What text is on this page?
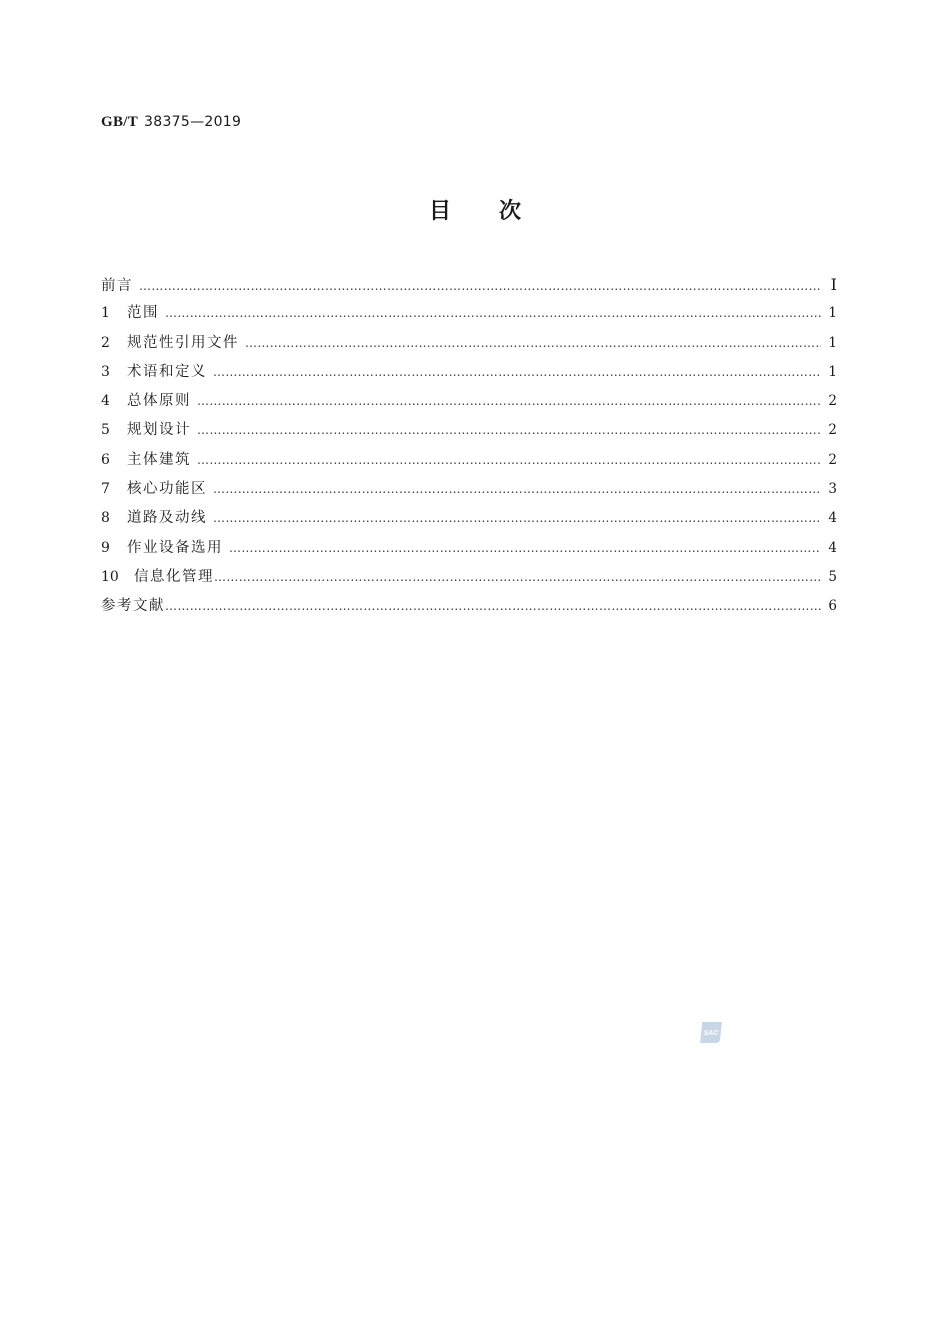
GB/T 38375—2019
目次
前言 ……………………………………………………………………………………………………………………………………………………………………………………………………………………………	Ⅰ
1	范围 ……………………………………………………………………………………………………………………………………………………………………………………………………………………………	1
2	规范性引用文件 ……………………………………………………………………………………………………………………………………………………………………………………………………………………………	1
3	术语和定义 ……………………………………………………………………………………………………………………………………………………………………………………………………………………………	1
4	总体原则 ……………………………………………………………………………………………………………………………………………………………………………………………………………………………	2
5	规划设计 ……………………………………………………………………………………………………………………………………………………………………………………………………………………………	2
6	主体建筑 ……………………………………………………………………………………………………………………………………………………………………………………………………………………………	2
7	核心功能区 ……………………………………………………………………………………………………………………………………………………………………………………………………………………………	3
8	道路及动线 ……………………………………………………………………………………………………………………………………………………………………………………………………………………………	4
9	作业设备选用 ……………………………………………………………………………………………………………………………………………………………………………………………………………………………	4
10	信息化管理 ……………………………………………………………………………………………………………………………………………………………………………………………………………………………	5
参考文献 ……………………………………………………………………………………………………………………………………………………………………………………………………………………………	6
SAC
